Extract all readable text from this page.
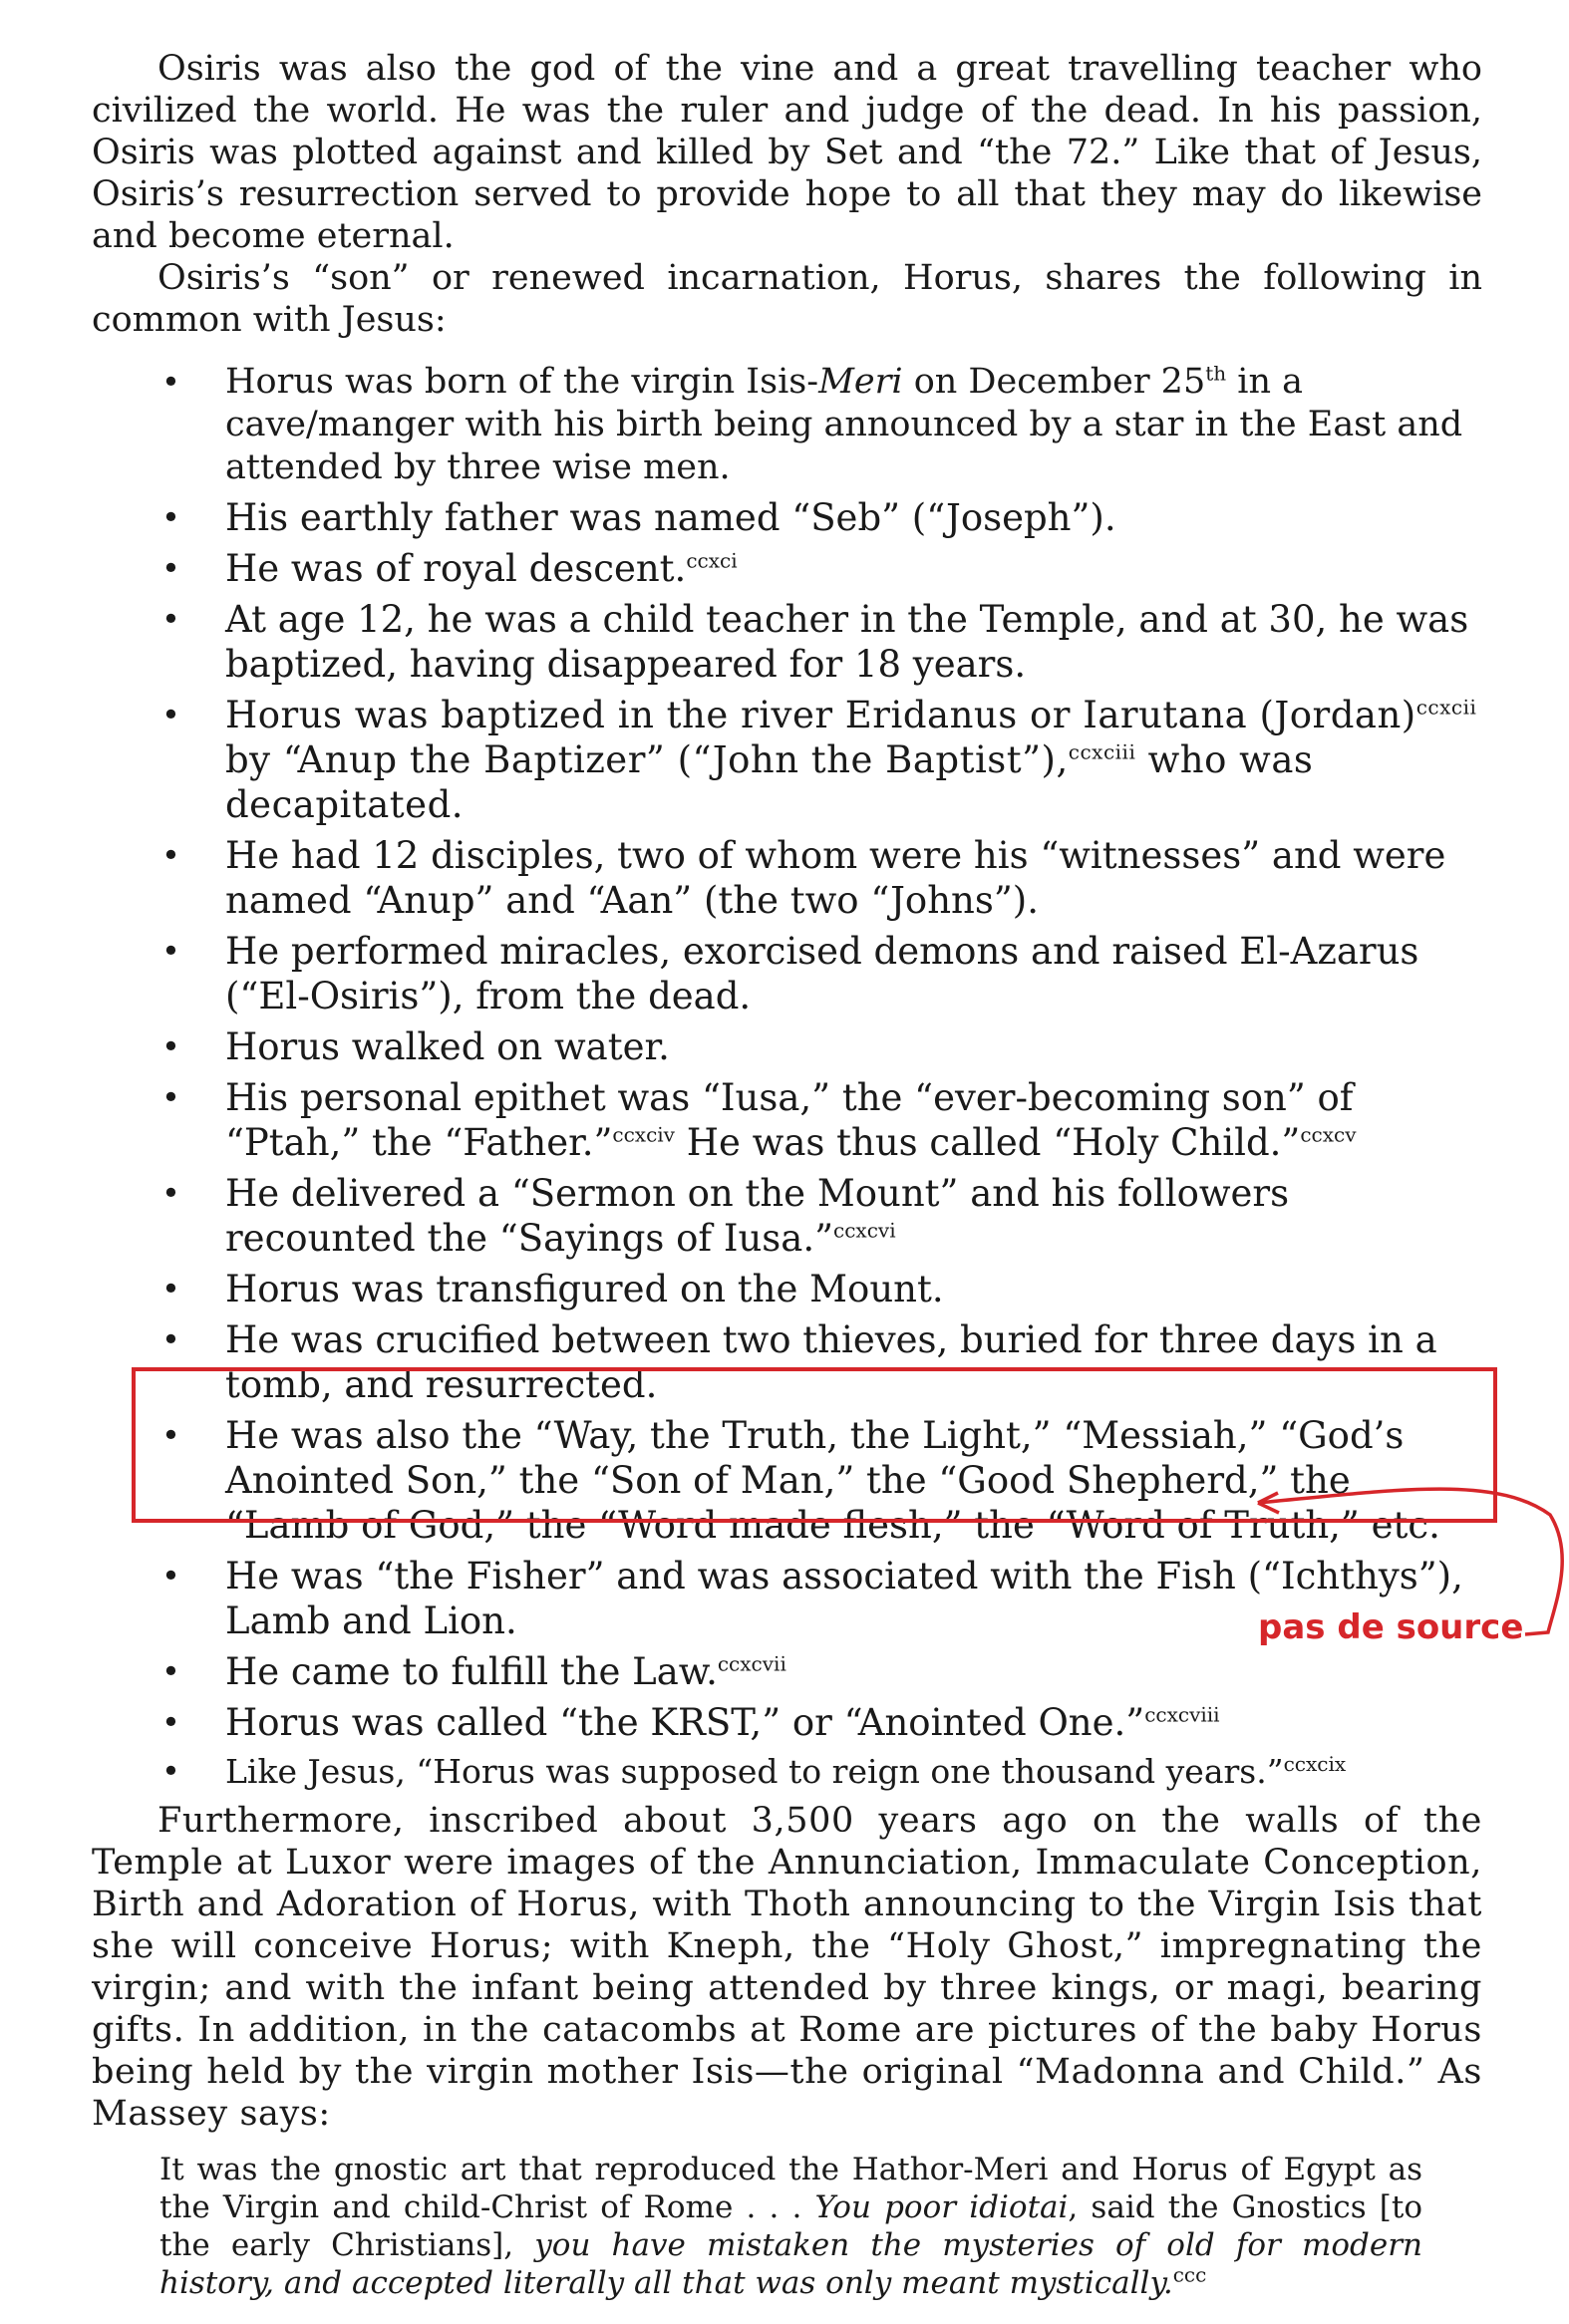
Osiris was also the god of the vine and a great travelling teacher who civilized the world. He was the ruler and judge of the dead. In his passion, Osiris was plotted against and killed by Set and “the 72.” Like that of Jesus, Osiris’s resurrection served to provide hope to all that they may do likewise and become eternal.

Osiris’s “son” or renewed incarnation, Horus, shares the following in common with Jesus:

• Horus was born of the virgin Isis-Meri on December 25th in a cave/manger with his birth being announced by a star in the East and attended by three wise men.
• His earthly father was named “Seb” (“Joseph”).
• He was of royal descent.$^{ccxci}$
• At age 12, he was a child teacher in the Temple, and at 30, he was baptized, having disappeared for 18 years.
• Horus was baptized in the river Eridanus or Iarutana (Jordan)$^{ccxcii}$ by “Anup the Baptizer” (“John the Baptist”),$^{ccxciii}$ who was decapitated.
• He had 12 disciples, two of whom were his “witnesses” and were named “Anup” and “Aan” (the two “Johns”).
• He performed miracles, exorcised demons and raised El-Azarus (“El-Osiris”), from the dead.
• Horus walked on water.
• His personal epithet was “Iusa,” the “ever-becoming son” of “Ptah,” the “Father.”$^{ccxciv}$ He was thus called “Holy Child.”$^{ccxcv}$
• He delivered a “Sermon on the Mount” and his followers recounted the “Sayings of Iusa.”$^{ccxcvi}$
• Horus was transfigured on the Mount.
• He was crucified between two thieves, buried for three days in a tomb, and resurrected.
• He was also the “Way, the Truth, the Light,” “Messiah,” “God’s Anointed Son,” the “Son of Man,” the “Good Shepherd,” the “Lamb of God,” the “Word made flesh,” the “Word of Truth,” etc.
• He was “the Fisher” and was associated with the Fish (“Ichthys”), Lamb and Lion.
• He came to fulfill the Law.$^{ccxcvii}$
• Horus was called “the KRST,” or “Anointed One.”$^{ccxcviii}$
• Like Jesus, “Horus was supposed to reign one thousand years.”$^{ccxcix}$

Furthermore, inscribed about 3,500 years ago on the walls of the Temple at Luxor were images of the Annunciation, Immaculate Conception, Birth and Adoration of Horus, with Thoth announcing to the Virgin Isis that she will conceive Horus; with Kneph, the “Holy Ghost,” impregnating the virgin; and with the infant being attended by three kings, or magi, bearing gifts. In addition, in the catacombs at Rome are pictures of the baby Horus being held by the virgin mother Isis—the original “Madonna and Child.” As Massey says:

It was the gnostic art that reproduced the Hathor-Meri and Horus of Egypt as the Virgin and child-Christ of Rome . . . You poor idiotai, said the Gnostics [to the early Christians], you have mistaken the mysteries of old for modern history, and accepted literally all that was only meant mystically.$^{ccc}$

pas de source
